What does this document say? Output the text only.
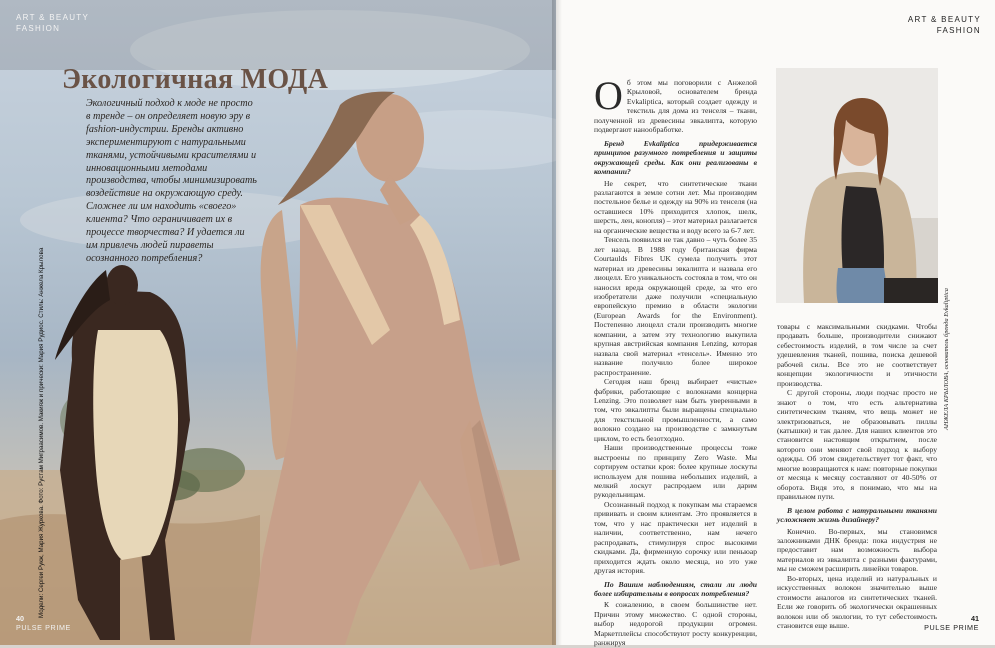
ART & BEAUTY
FASHION
Экологичная МОДА

Экологичный подход к моде не просто в тренде – он определяет новую эру в fashion-индустрии. Бренды активно экспериментируют с натуральными тканями, устойчивыми красителями и инновационными методами производства, чтобы минимизировать воздействие на окружающую среду. Сложнее ли им находить «своего» клиента? Что ограничивает их в процессе творчества? И удается ли им привлечь людей пираветы осознанного потребления?

Модели: Сергеи Рукж, Мария Журкова. Фото: Рустам Миграасимов. Макияж и прически: Мария Рудиос. Стиль: Анжела Крылова
40
PULSE PRIME
ART & BEAUTY
FASHION
41
PULSE PRIME

Об этом мы поговорили с Анжелой Крыловой, основателем бренда Evkalipticа, который создает одежду и текстиль для дома из тенселя – ткани, полученной из древесины эвкалипта, которую подвергают нанообработке.

Бренд Evkalipticа придерживается принципов разумного потребления и защиты окружающей среды. Как они реализованы в компании?

Не секрет, что синтетические ткани разлагаются в земле сотни лет. Мы производим постельное белье и одежду на 90% из тенселя (на оставшиеся 10% приходится хлопок, шелк, шерсть, лен, конопля) – этот материал разлагается на органические вещества и воду всего за 6-7 лет.

Тенсель появился не так давно – чуть более 35 лет назад. В 1988 году британская фирма Courtaulds Fibres UK сумела получить этот материал из древесины эвкалипта и назвала его лиоцелл. Его уникальность состояла в том, что он наносил вреда окружающей среде, за что его изобретатели даже получили «специальную европейскую премию в области экологии (European Awards for the Environment). Постепенно лиоцелл стали производить многие компании, а затем эту технологию выкупила крупная австрийская компания Lenzing, которая назвала свой материал «тенсель». Именно это название получило более широкое распространение.

Сегодня наш бренд выбирает «чистые» фабрики, работающие с волокнами концерна Lenzing. Это позволяет нам быть уверенными в том, что эвкалипты были выращены специально для текстильной промышленности, а само волокно создано на производстве с замкнутым циклом, то есть безотходно.

Наши производственные процессы тоже выстроены по принципу Zero Waste. Мы сортируем остатки кроя: более крупные лоскуты используем для пошива небольших изделий, а мелкий лоскут распродаем или дарим рукодельницам.

Осознанный подход к покупкам мы стараемся прививать и своим клиентам. Это проявляется в том, что у нас практически нет изделий в наличии, соответственно, нам нечего распродавать, стимулируя спрос высокими скидками. Да, фирменную сорочку или пеньюар приходится ждать около месяца, но это уже другая история.

По Вашим наблюдениям, стали ли люди более избирательны в вопросах потребления?

К сожалению, в своем большинстве нет. Причин этому множество. С одной стороны, выбор недорогой продукции огромен. Маркетплейсы способствуют росту конкуренции, ранжируя

АНЖЕЛА КРЫЛОВА, основатель бренда Evkalipticа

товары с максимальными скидками. Чтобы продавать больше, производители снижают себестоимость изделий, в том числе за счет удешевления тканей, пошива, поиска дешевой рабочей силы. Все это не соответствует концепции экологичности и этичности производства.

С другой стороны, люди подчас просто не знают о том, что есть альтернатива синтетическим тканям, что вещь может не электризоваться, не образовывать пиллы (катышки) и так далее. Для наших клиентов это становится настоящим открытием, после которого они меняют свой подход к выбору одежды. Об этом свидетельствует тот факт, что многие возвращаются к нам: повторные покупки от месяца к месяцу составляют от 40-50% от оборота. Видя это, я понимаю, что мы на правильном пути.

В целом работа с натуральными тканями усложняет жизнь дизайнеру?

Конечно. Во-первых, мы становимся заложниками ДНК бренда: пока индустрия не предоставит нам возможность выбора материалов из эвкалипта с разными фактурами, мы не сможем расширить линейки товаров.

Во-вторых, цена изделий из натуральных и искусственных волокон значительно выше стоимости аналогов из синтетических тканей. Если же говорить об экологически окрашенных волокон или об экологии, то тут себестоимость становится еще выше.
